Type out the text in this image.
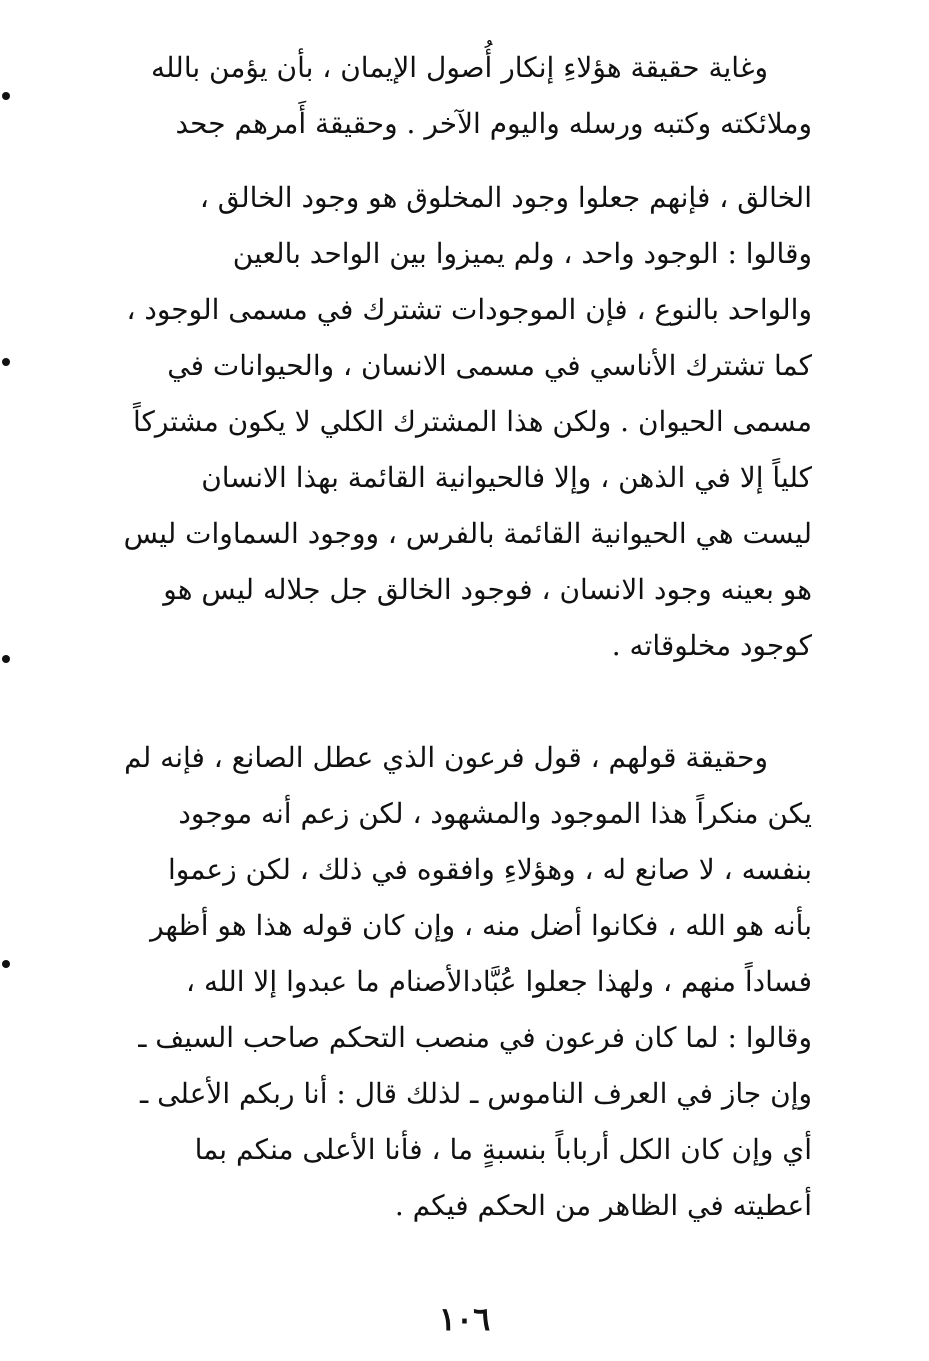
وغاية حقيقة هؤلاءِ إنكار أُصول الإيمان ، بأن يؤمن بالله
وملائكته وكتبه ورسله واليوم الآخر . وحقيقة أَمرهم جحد
الخالق ، فإنهم جعلوا وجود المخلوق هو وجود الخالق ،
وقالوا : الوجود واحد ، ولم يميزوا بين الواحد بالعين
والواحد بالنوع ، فإن الموجودات تشترك في مسمى الوجود ،
كما تشترك الأناسي في مسمى الانسان ، والحيوانات في
مسمى الحيوان . ولكن هذا المشترك الكلي لا يكون مشتركاً
كلياً إلا في الذهن ، وإلا فالحيوانية القائمة بهذا الانسان
ليست هي الحيوانية القائمة بالفرس ، ووجود السماوات ليس
هو بعينه وجود الانسان ، فوجود الخالق جل جلاله ليس هو
كوجود مخلوقاته .
وحقيقة قولهم ، قول فرعون الذي عطل الصانع ، فإنه لم
يكن منكراً هذا الموجود والمشهود ، لكن زعم أنه موجود
بنفسه ، لا صانع له ، وهؤلاءِ وافقوه في ذلك ، لكن زعموا
بأنه هو الله ، فكانوا أضل منه ، وإن كان قوله هذا هو أظهر
فساداً منهم ، ولهذا جعلوا عُبَّادالأصنام ما عبدوا إلا الله ،
وقالوا : لما كان فرعون في منصب التحكم صاحب السيف ـ
وإن جاز في العرف الناموس ـ لذلك قال : أنا ربكم الأعلى ـ
أي وإن كان الكل أرباباً بنسبةٍ ما ، فأنا الأعلى منكم بما
أعطيته في الظاهر من الحكم فيكم .
١٠٦
